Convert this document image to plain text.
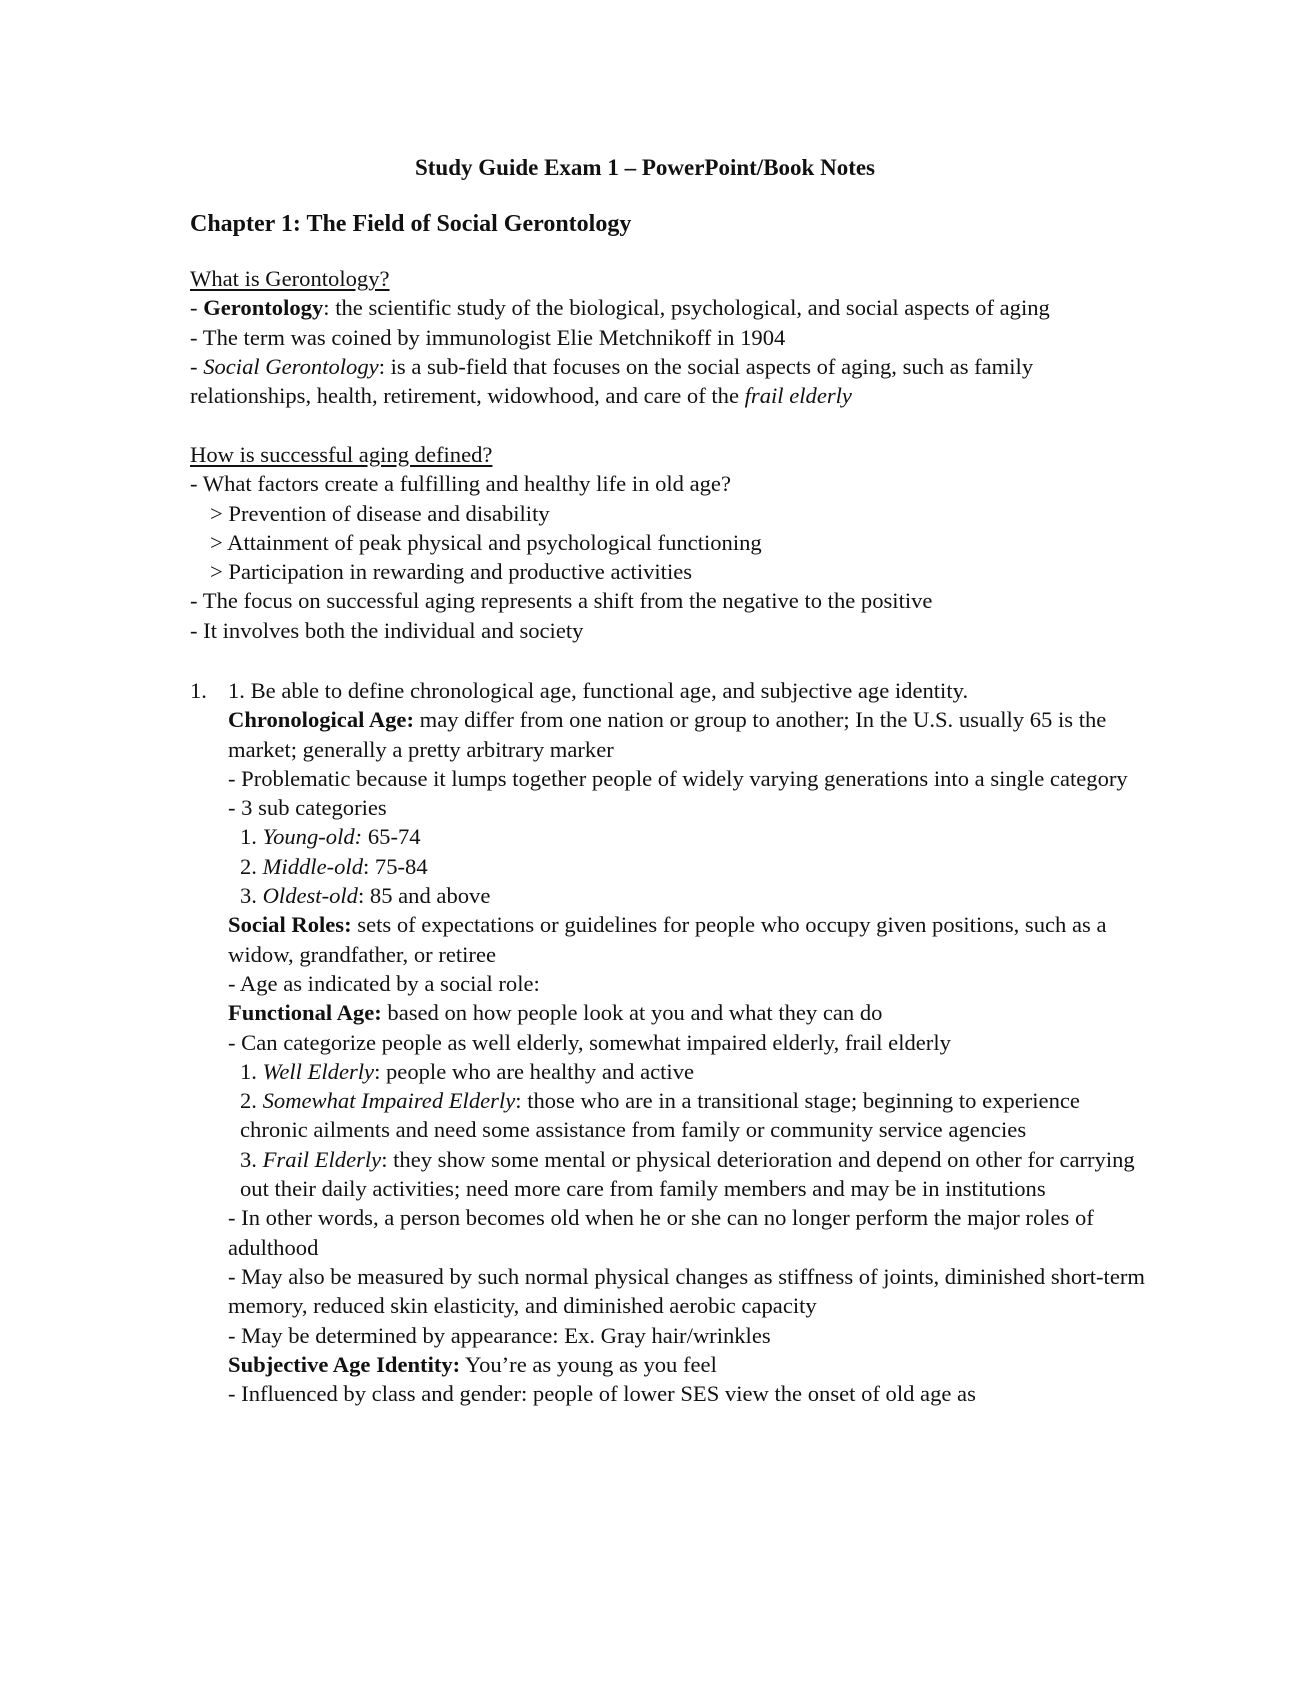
Study Guide Exam 1 – PowerPoint/Book Notes
Chapter 1: The Field of Social Gerontology
What is Gerontology?
- Gerontology: the scientific study of the biological, psychological, and social aspects of aging
- The term was coined by immunologist Elie Metchnikoff in 1904
- Social Gerontology: is a sub-field that focuses on the social aspects of aging, such as family relationships, health, retirement, widowhood, and care of the frail elderly
How is successful aging defined?
- What factors create a fulfilling and healthy life in old age?
> Prevention of disease and disability
> Attainment of peak physical and psychological functioning
> Participation in rewarding and productive activities
- The focus on successful aging represents a shift from the negative to the positive
- It involves both the individual and society
1. 1. Be able to define chronological age, functional age, and subjective age identity.
Chronological Age: may differ from one nation or group to another; In the U.S. usually 65 is the market; generally a pretty arbitrary marker
- Problematic because it lumps together people of widely varying generations into a single category
- 3 sub categories
1. Young-old: 65-74
2. Middle-old: 75-84
3. Oldest-old: 85 and above
Social Roles: sets of expectations or guidelines for people who occupy given positions, such as a widow, grandfather, or retiree
- Age as indicated by a social role:
Functional Age: based on how people look at you and what they can do
- Can categorize people as well elderly, somewhat impaired elderly, frail elderly
1. Well Elderly: people who are healthy and active
2. Somewhat Impaired Elderly: those who are in a transitional stage; beginning to experience chronic ailments and need some assistance from family or community service agencies
3. Frail Elderly: they show some mental or physical deterioration and depend on other for carrying out their daily activities; need more care from family members and may be in institutions
- In other words, a person becomes old when he or she can no longer perform the major roles of adulthood
- May also be measured by such normal physical changes as stiffness of joints, diminished short-term memory, reduced skin elasticity, and diminished aerobic capacity
- May be determined by appearance: Ex. Gray hair/wrinkles
Subjective Age Identity: You’re as young as you feel
- Influenced by class and gender: people of lower SES view the onset of old age as
